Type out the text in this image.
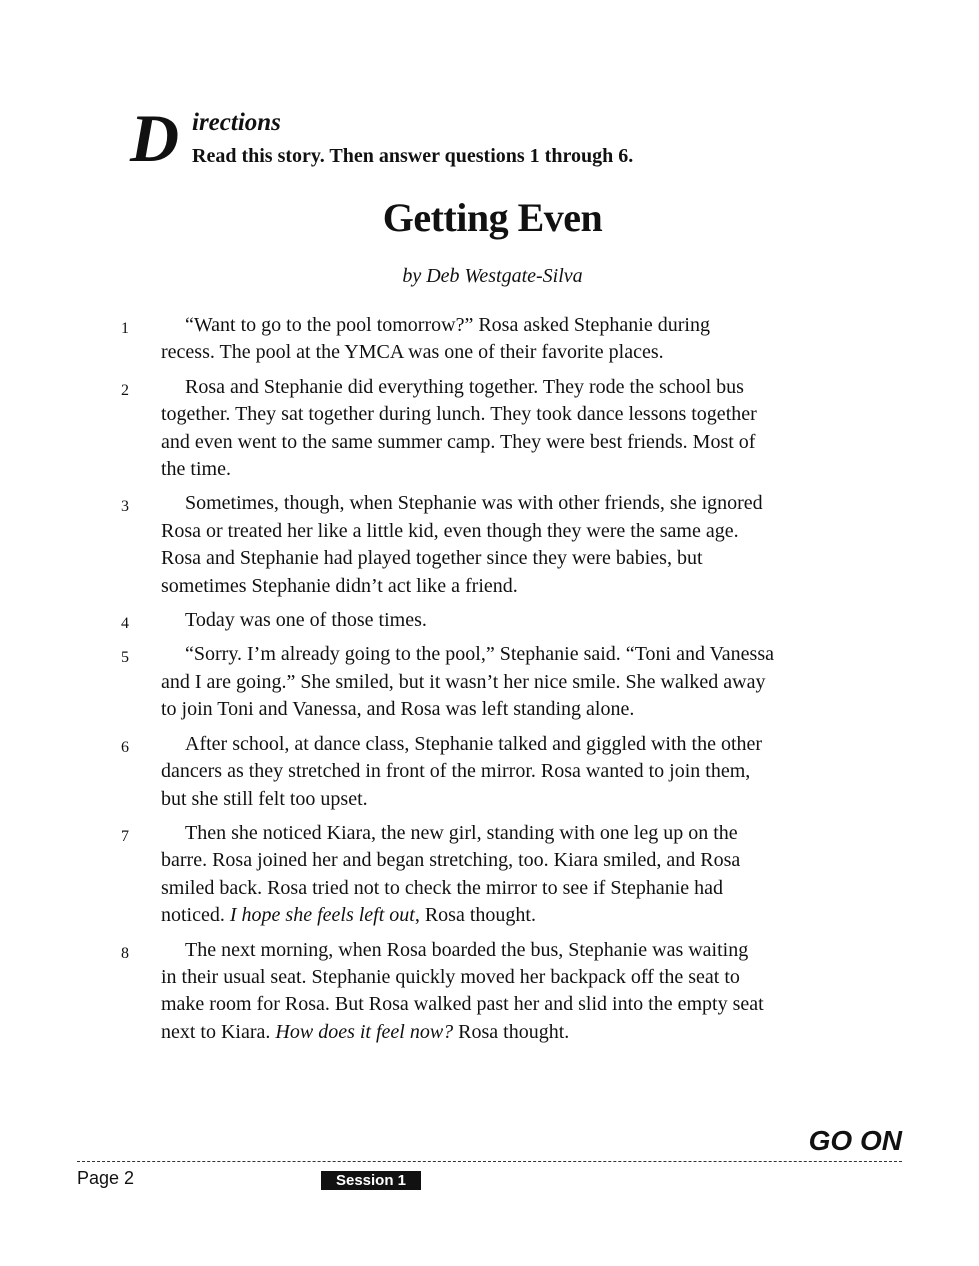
D irections
Read this story. Then answer questions 1 through 6.
Getting Even
by Deb Westgate-Silva
1	“Want to go to the pool tomorrow?” Rosa asked Stephanie during
recess. The pool at the YMCA was one of their favorite places.
2	Rosa and Stephanie did everything together. They rode the school bus
together. They sat together during lunch. They took dance lessons together
and even went to the same summer camp. They were best friends. Most of
the time.
3	Sometimes, though, when Stephanie was with other friends, she ignored
Rosa or treated her like a little kid, even though they were the same age.
Rosa and Stephanie had played together since they were babies, but
sometimes Stephanie didn’t act like a friend.
4	Today was one of those times.
5	“Sorry. I’m already going to the pool,” Stephanie said. “Toni and Vanessa
and I are going.” She smiled, but it wasn’t her nice smile. She walked away
to join Toni and Vanessa, and Rosa was left standing alone.
6	After school, at dance class, Stephanie talked and giggled with the other
dancers as they stretched in front of the mirror. Rosa wanted to join them,
but she still felt too upset.
7	Then she noticed Kiara, the new girl, standing with one leg up on the
barre. Rosa joined her and began stretching, too. Kiara smiled, and Rosa
smiled back. Rosa tried not to check the mirror to see if Stephanie had
noticed. I hope she feels left out, Rosa thought.
8	The next morning, when Rosa boarded the bus, Stephanie was waiting
in their usual seat. Stephanie quickly moved her backpack off the seat to
make room for Rosa. But Rosa walked past her and slid into the empty seat
next to Kiara. How does it feel now? Rosa thought.
GO ON
Page 2	Session 1
